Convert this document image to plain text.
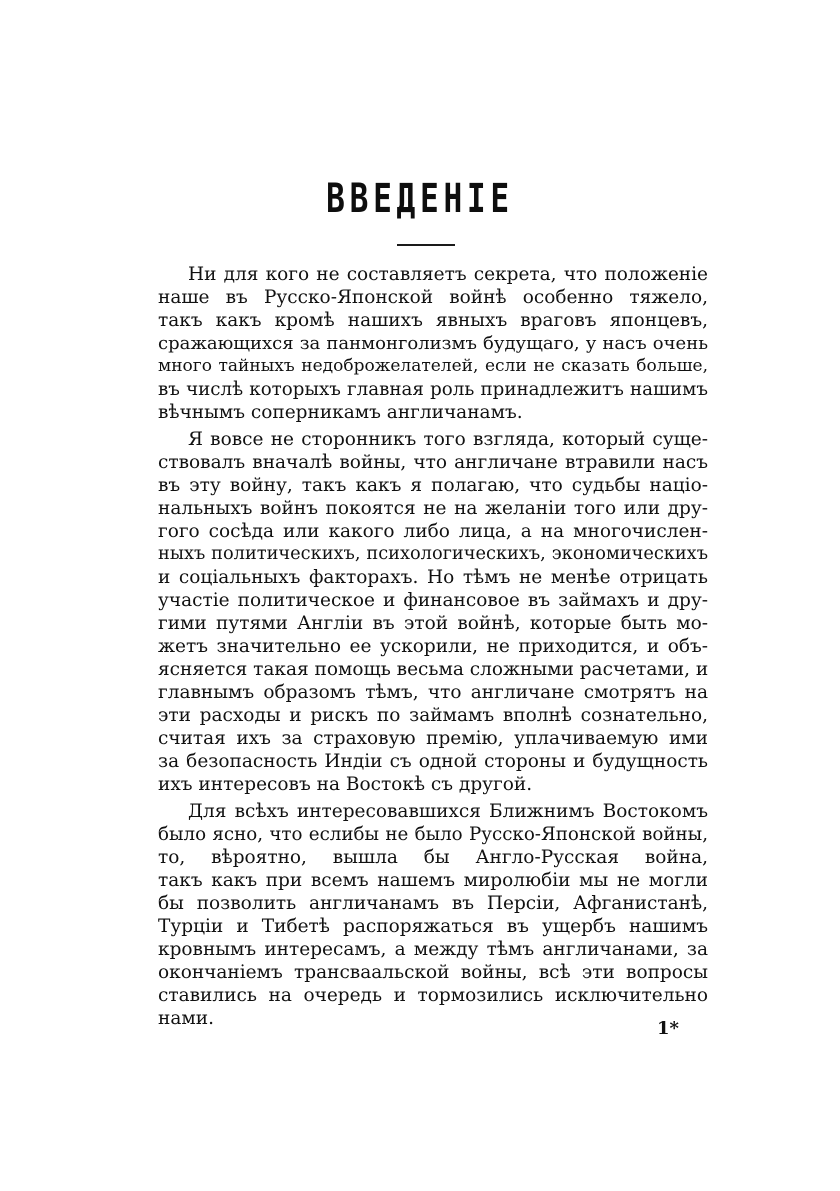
ВВЕДЕНІЕ
Ни для кого не составляетъ секрета, что положеніе
наше въ Русско-Японской войнѣ особенно тяжело,
такъ какъ кромѣ нашихъ явныхъ враговъ японцевъ,
сражающихся за панмонголизмъ будущаго, у насъ очень
много тайныхъ недоброжелателей, если не сказать больше,
въ числѣ которыхъ главная роль принадлежитъ нашимъ
вѣчнымъ соперникамъ англичанамъ.
Я вовсе не сторонникъ того взгляда, который суще-
ствовалъ вначалѣ войны, что англичане втравили насъ
въ эту войну, такъ какъ я полагаю, что судьбы націо-
нальныхъ войнъ покоятся не на желаніи того или дру-
гого сосѣда или какого либо лица, а на многочислен-
ныхъ политическихъ, психологическихъ, экономическихъ
и соціальныхъ факторахъ. Но тѣмъ не менѣе отрицать
участіе политическое и финансовое въ займахъ и дру-
гими путями Англіи въ этой войнѣ, которые быть мо-
жетъ значительно ее ускорили, не приходится, и объ-
ясняется такая помощь весьма сложными расчетами, и
главнымъ образомъ тѣмъ, что англичане смотрятъ на
эти расходы и рискъ по займамъ вполнѣ сознательно,
считая ихъ за страховую премію, уплачиваемую ими
за безопасность Индіи съ одной стороны и будущность
ихъ интересовъ на Востокѣ съ другой.
Для всѣхъ интересовавшихся Ближнимъ Востокомъ
было ясно, что еслибы не было Русско-Японской войны,
то, вѣроятно, вышла бы Англо-Русская война,
такъ какъ при всемъ нашемъ миролюбіи мы не могли
бы позволить англичанамъ въ Персіи, Афганистанѣ,
Турціи и Тибетѣ распоряжаться въ ущербъ нашимъ
кровнымъ интересамъ, а между тѣмъ англичанами, за
окончаніемъ трансваальской войны, всѣ эти вопросы
ставились на очередь и тормозились исключительно
нами.	1*
